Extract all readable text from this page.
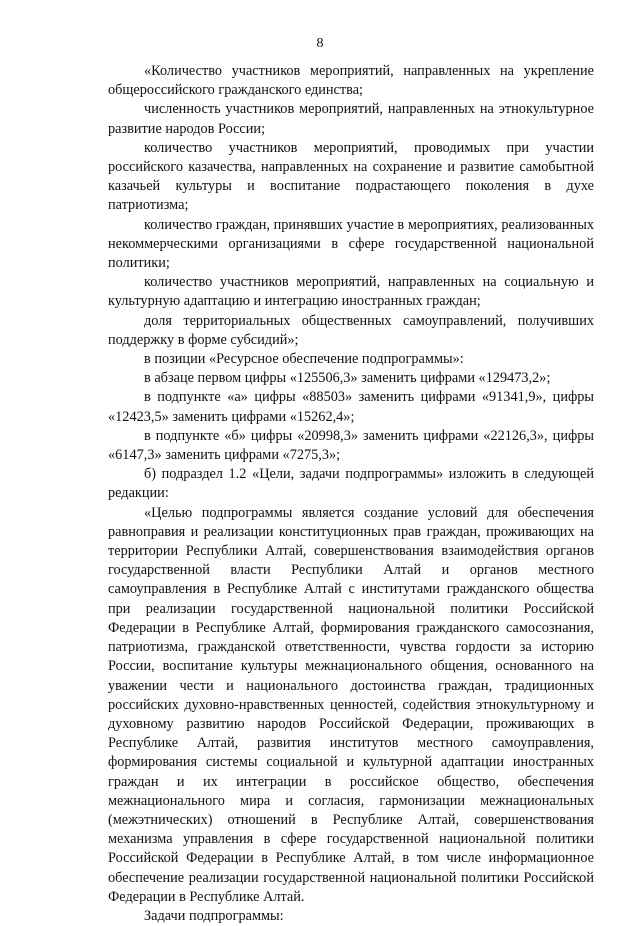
8

«Количество участников мероприятий, направленных на укрепление общероссийского гражданского единства;

численность участников мероприятий, направленных на этнокультурное развитие народов России;

количество участников мероприятий, проводимых при участии российского казачества, направленных на сохранение и развитие самобытной казачьей культуры и воспитание подрастающего поколения в духе патриотизма;

количество граждан, принявших участие в мероприятиях, реализованных некоммерческими организациями в сфере государственной национальной политики;

количество участников мероприятий, направленных на социальную и культурную адаптацию и интеграцию иностранных граждан;

доля территориальных общественных самоуправлений, получивших поддержку в форме субсидий»;

в позиции «Ресурсное обеспечение подпрограммы»:

в абзаце первом цифры «125506,3» заменить цифрами «129473,2»;

в подпункте «а» цифры «88503» заменить цифрами «91341,9», цифры «12423,5» заменить цифрами «15262,4»;

в подпункте «б» цифры «20998,3» заменить цифрами «22126,3», цифры «6147,3» заменить цифрами «7275,3»;

б) подраздел 1.2 «Цели, задачи подпрограммы» изложить в следующей редакции:

«Целью подпрограммы является создание условий для обеспечения равноправия и реализации конституционных прав граждан, проживающих на территории Республики Алтай, совершенствования взаимодействия органов государственной власти Республики Алтай и органов местного самоуправления в Республике Алтай с институтами гражданского общества при реализации государственной национальной политики Российской Федерации в Республике Алтай, формирования гражданского самосознания, патриотизма, гражданской ответственности, чувства гордости за историю России, воспитание культуры межнационального общения, основанного на уважении чести и национального достоинства граждан, традиционных российских духовно-нравственных ценностей, содействия этнокультурному и духовному развитию народов Российской Федерации, проживающих в Республике Алтай, развития институтов местного самоуправления, формирования системы социальной и культурной адаптации иностранных граждан и их интеграции в российское общество, обеспечения межнационального мира и согласия, гармонизации межнациональных (межэтнических) отношений в Республике Алтай, совершенствования механизма управления в сфере государственной национальной политики Российской Федерации в Республике Алтай, в том числе информационное обеспечение реализации государственной национальной политики Российской Федерации в Республике Алтай.

Задачи подпрограммы:
